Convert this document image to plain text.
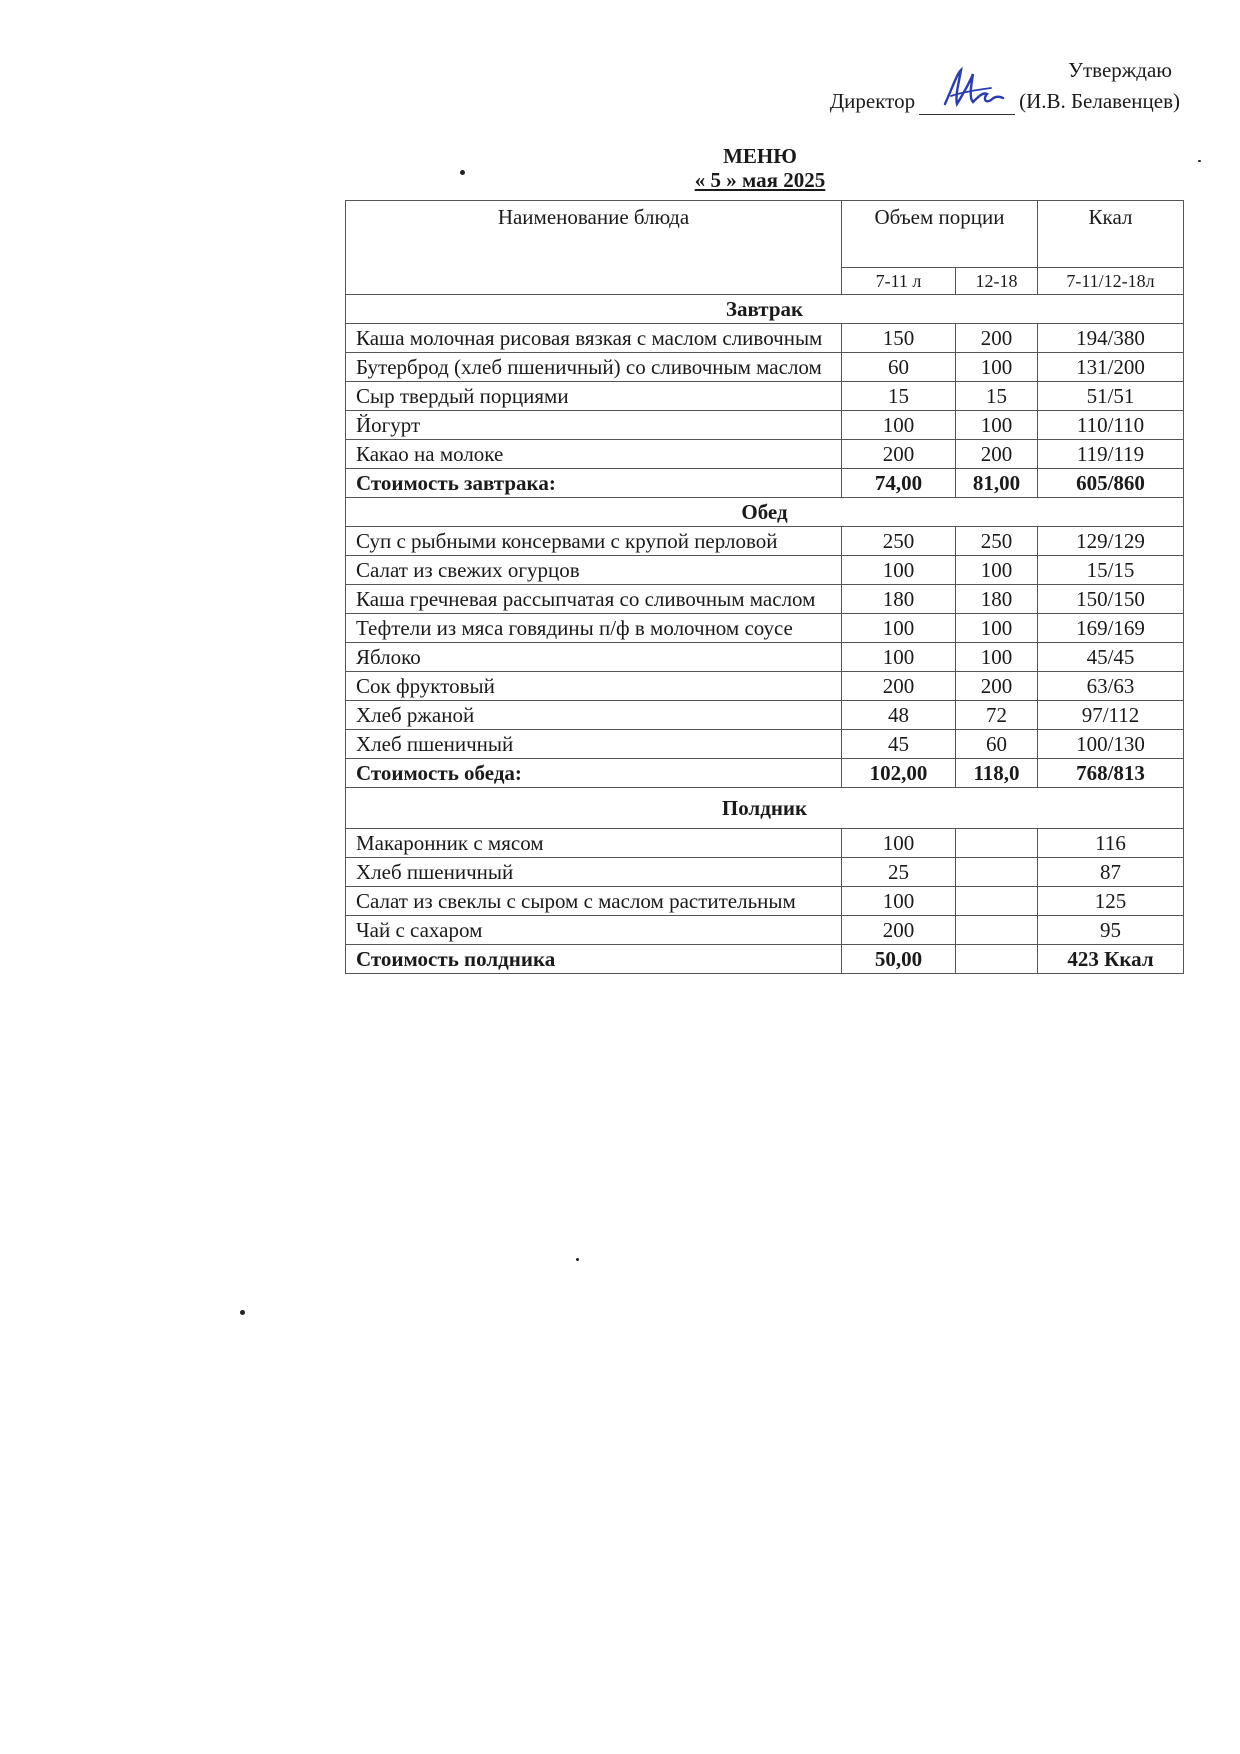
Утверждаю
Директор	(И.В. Белавенцев)
МЕНЮ
« 5 » мая 2025
Наименование блюда	Объем порции		Ккал
	7-11 л	12-18	7-11/12-18л
Завтрак			
Каша молочная рисовая вязкая с маслом сливочным	150	200	194/380
Бутерброд (хлеб пшеничный) со сливочным маслом	60	100	131/200
Сыр твердый порциями	15	15	51/51
Йогурт	100	100	110/110
Какао на молоке	200	200	119/119
Стоимость завтрака:	74,00	81,00	605/860
Обед			
Суп с рыбными консервами с крупой перловой	250	250	129/129
Салат из свежих огурцов	100	100	15/15
Каша гречневая рассыпчатая со сливочным маслом	180	180	150/150
Тефтели из мяса говядины п/ф в молочном соусе	100	100	169/169
Яблоко	100	100	45/45
Сок фруктовый	200	200	63/63
Хлеб ржаной	48	72	97/112
Хлеб пшеничный	45	60	100/130
Стоимость обеда:	102,00	118,0	768/813
Полдник			
Макаронник с мясом	100		116
Хлеб пшеничный	25		87
Салат из свеклы с сыром с маслом растительным	100		125
Чай с сахаром	200		95
Стоимость полдника	50,00		423 Ккал
